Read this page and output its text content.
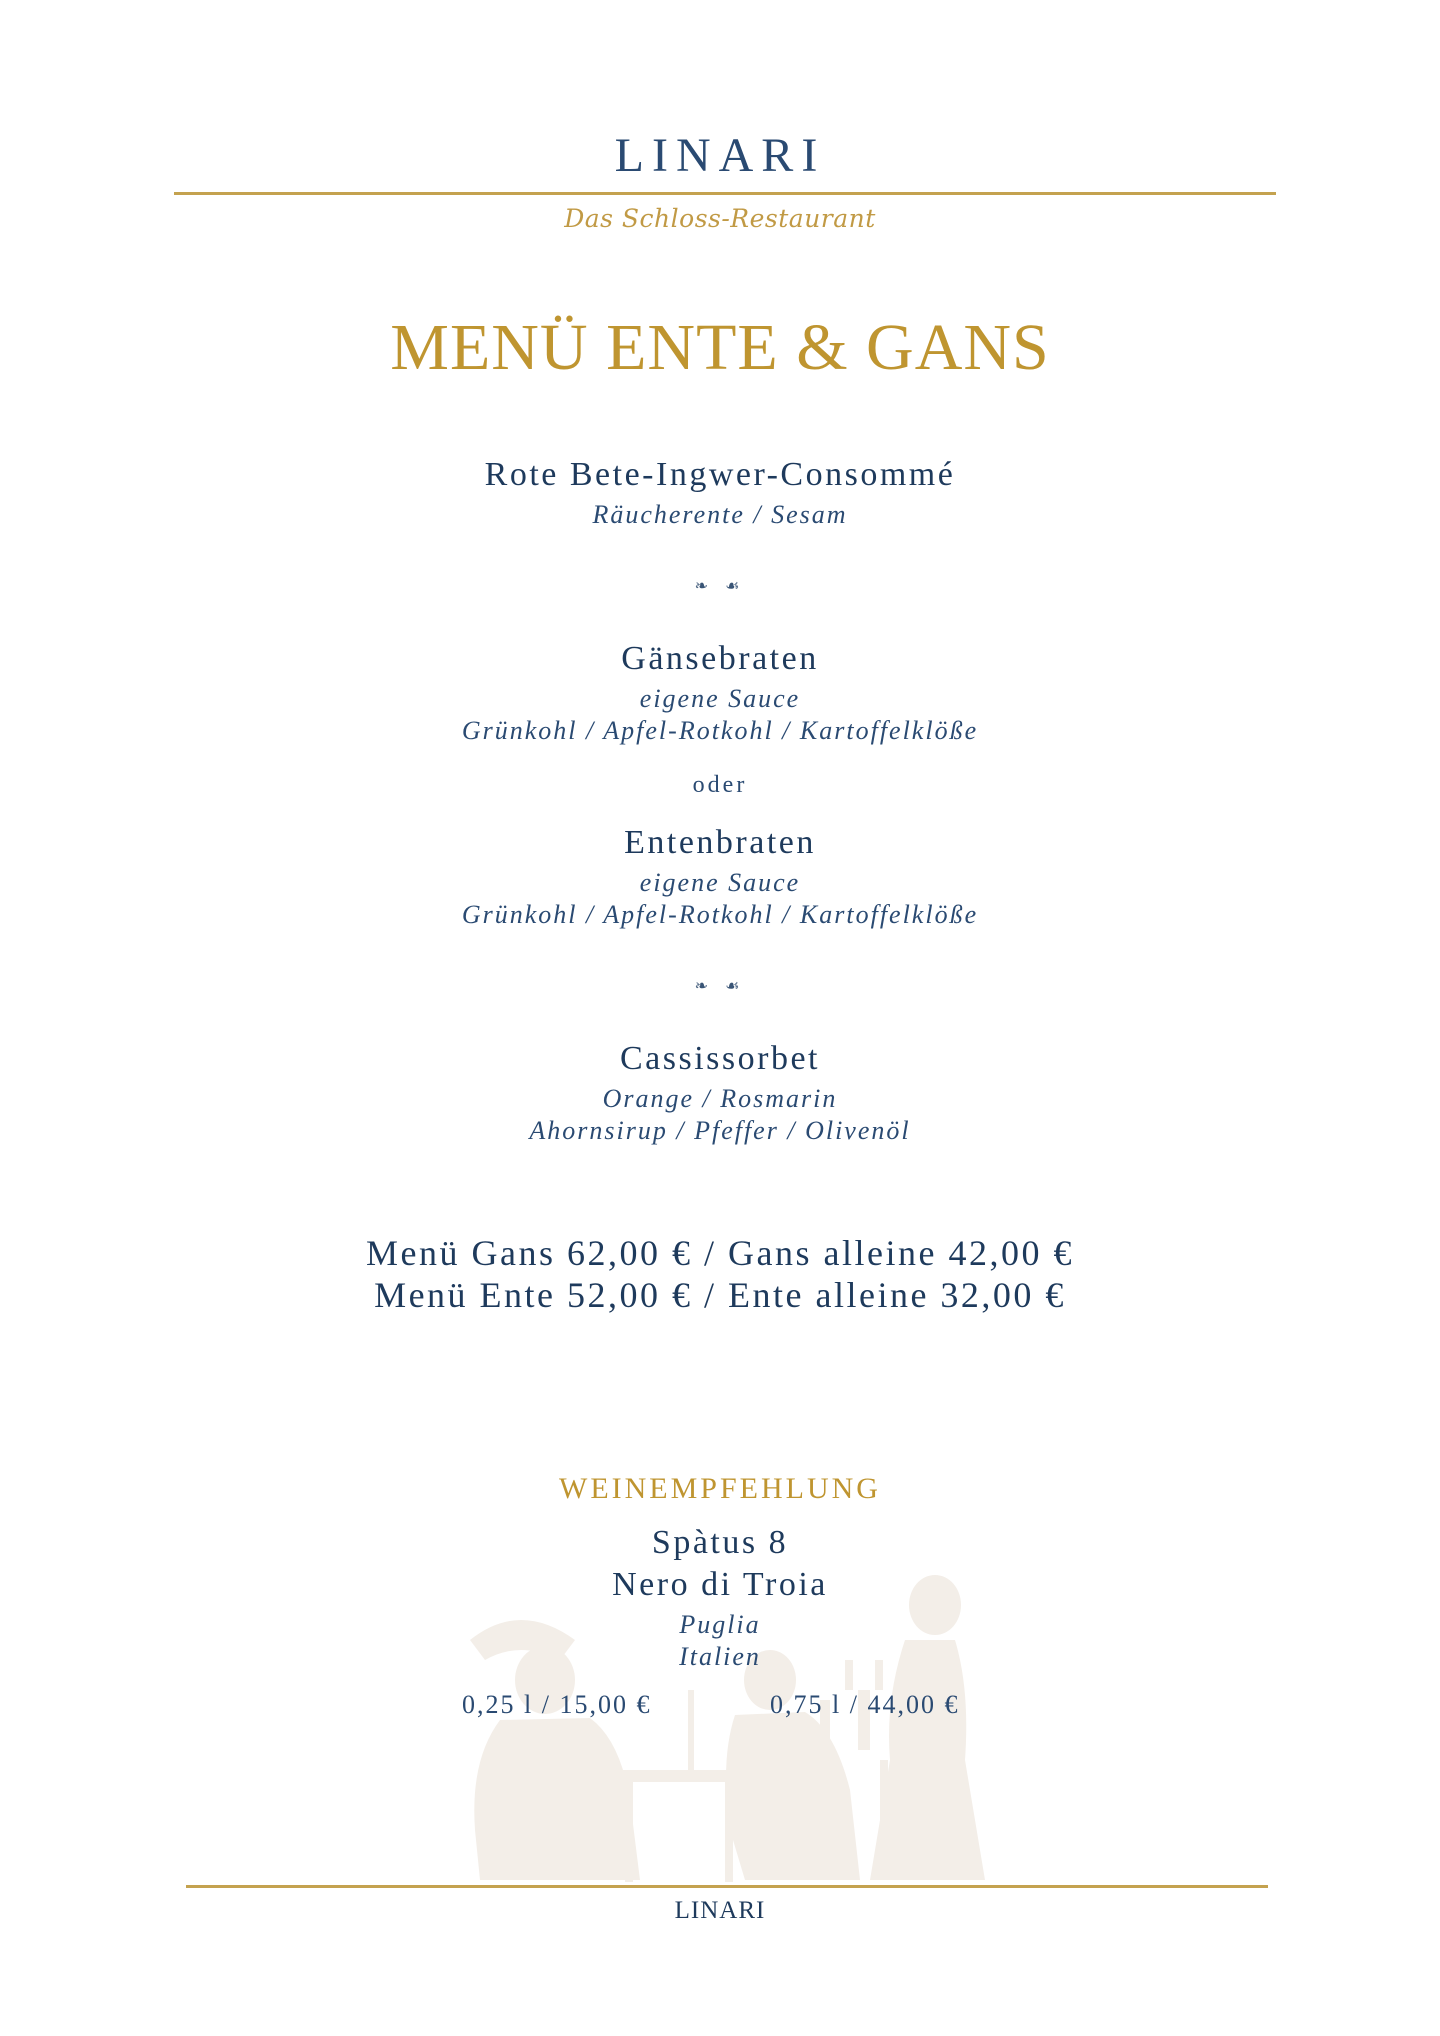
LINARI
Das Schloss-Restaurant
MENÜ ENTE & GANS
Rote Bete-Ingwer-Consommé
Räucherente / Sesam
❧ ☙
Gänsebraten
eigene Sauce
Grünkohl / Apfel-Rotkohl / Kartoffelklöße
oder
Entenbraten
eigene Sauce
Grünkohl / Apfel-Rotkohl / Kartoffelklöße
❧ ☙
Cassissorbet
Orange / Rosmarin
Ahornsirup / Pfeffer / Olivenöl
Menü Gans 62,00 € / Gans alleine 42,00 €
Menü Ente 52,00 € / Ente alleine 32,00 €
WEINEMPFEHLUNG
Spàtus 8
Nero di Troia
Puglia
Italien
0,25 l / 15,00 €	0,75 l / 44,00 €
LINARI
